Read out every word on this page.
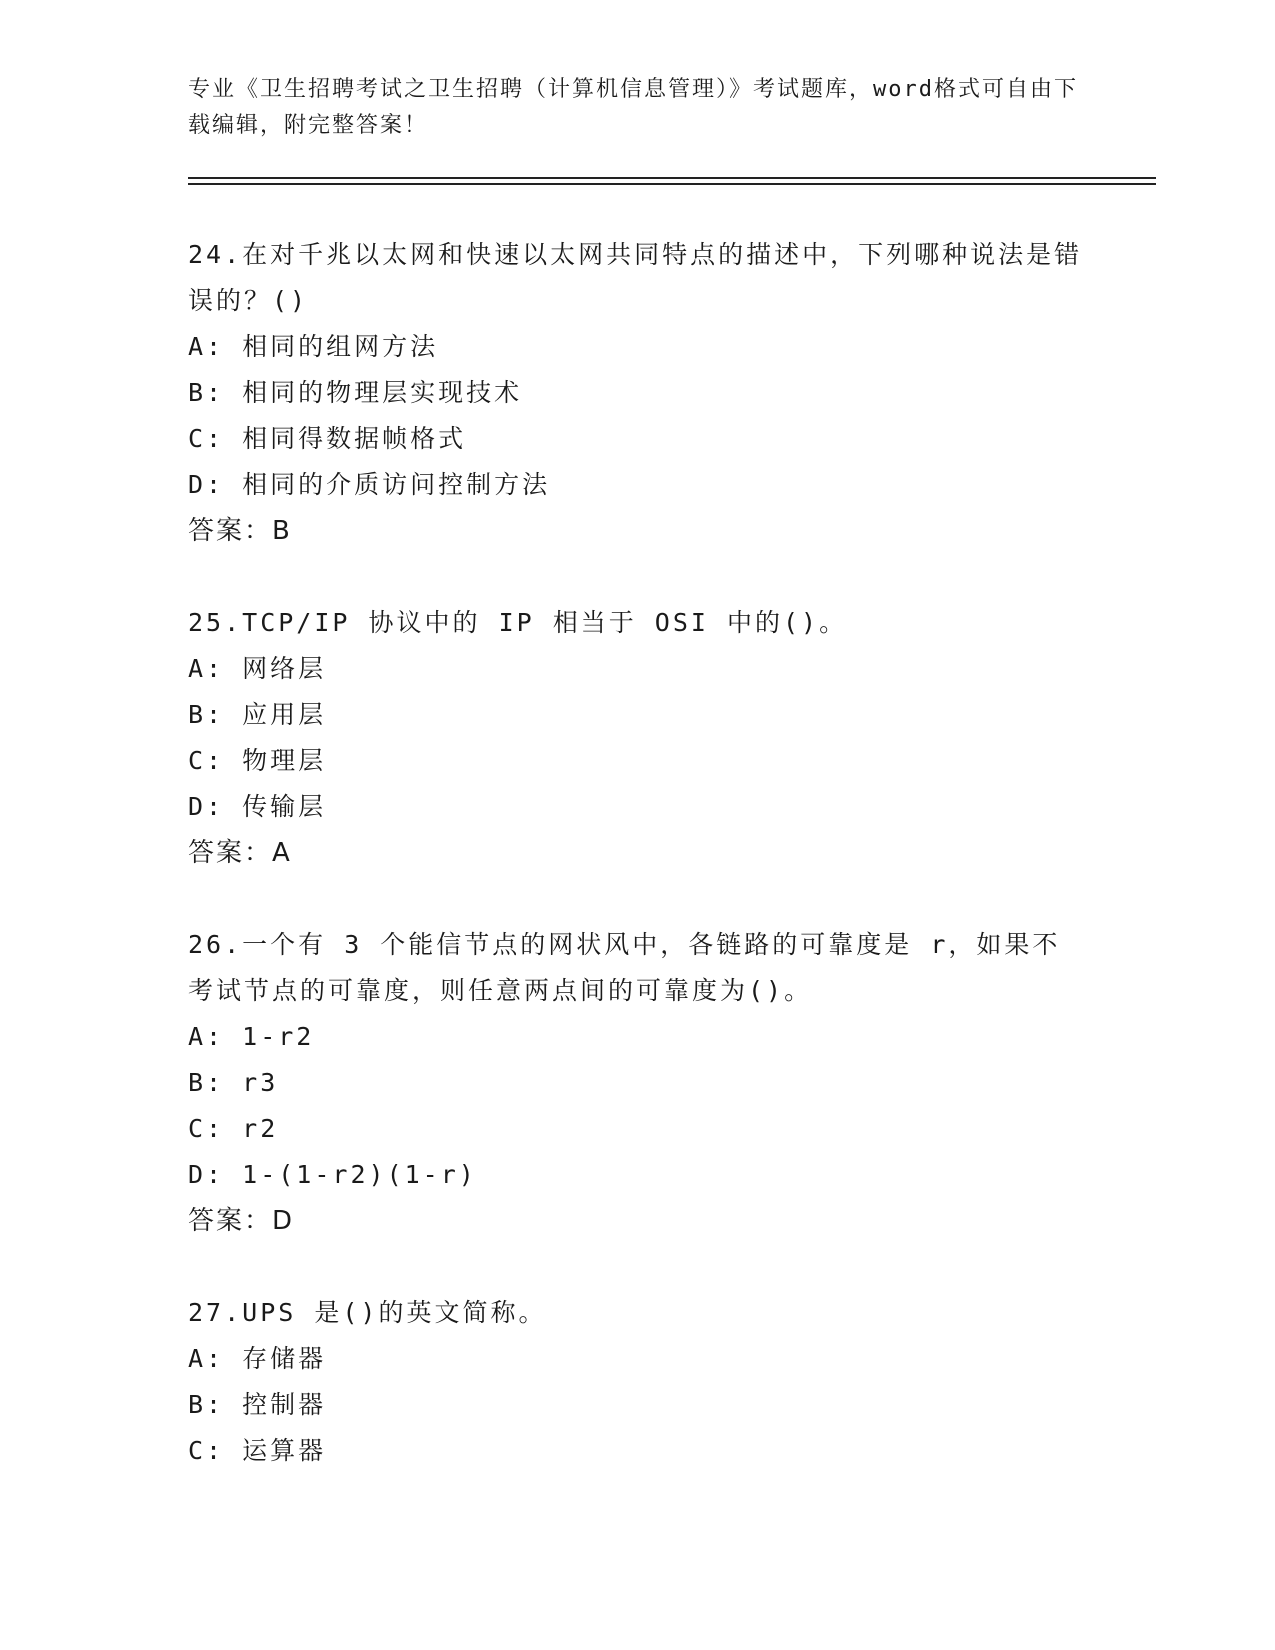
专业《卫生招聘考试之卫生招聘（计算机信息管理）》考试题库，word格式可自由下载编辑，附完整答案！

24.在对千兆以太网和快速以太网共同特点的描述中，下列哪种说法是错误的？()

A: 相同的组网方法

B: 相同的物理层实现技术

C: 相同得数据帧格式

D: 相同的介质访问控制方法

答案：B

25.TCP/IP 协议中的 IP 相当于 OSI 中的()。

A: 网络层

B: 应用层

C: 物理层

D: 传输层

答案：A

26.一个有 3 个能信节点的网状风中，各链路的可靠度是 r，如果不考试节点的可靠度，则任意两点间的可靠度为()。

A: 1-r2

B: r3

C: r2

D: 1-(1-r2)(1-r)

答案：D

27.UPS 是()的英文简称。

A: 存储器

B: 控制器

C: 运算器
